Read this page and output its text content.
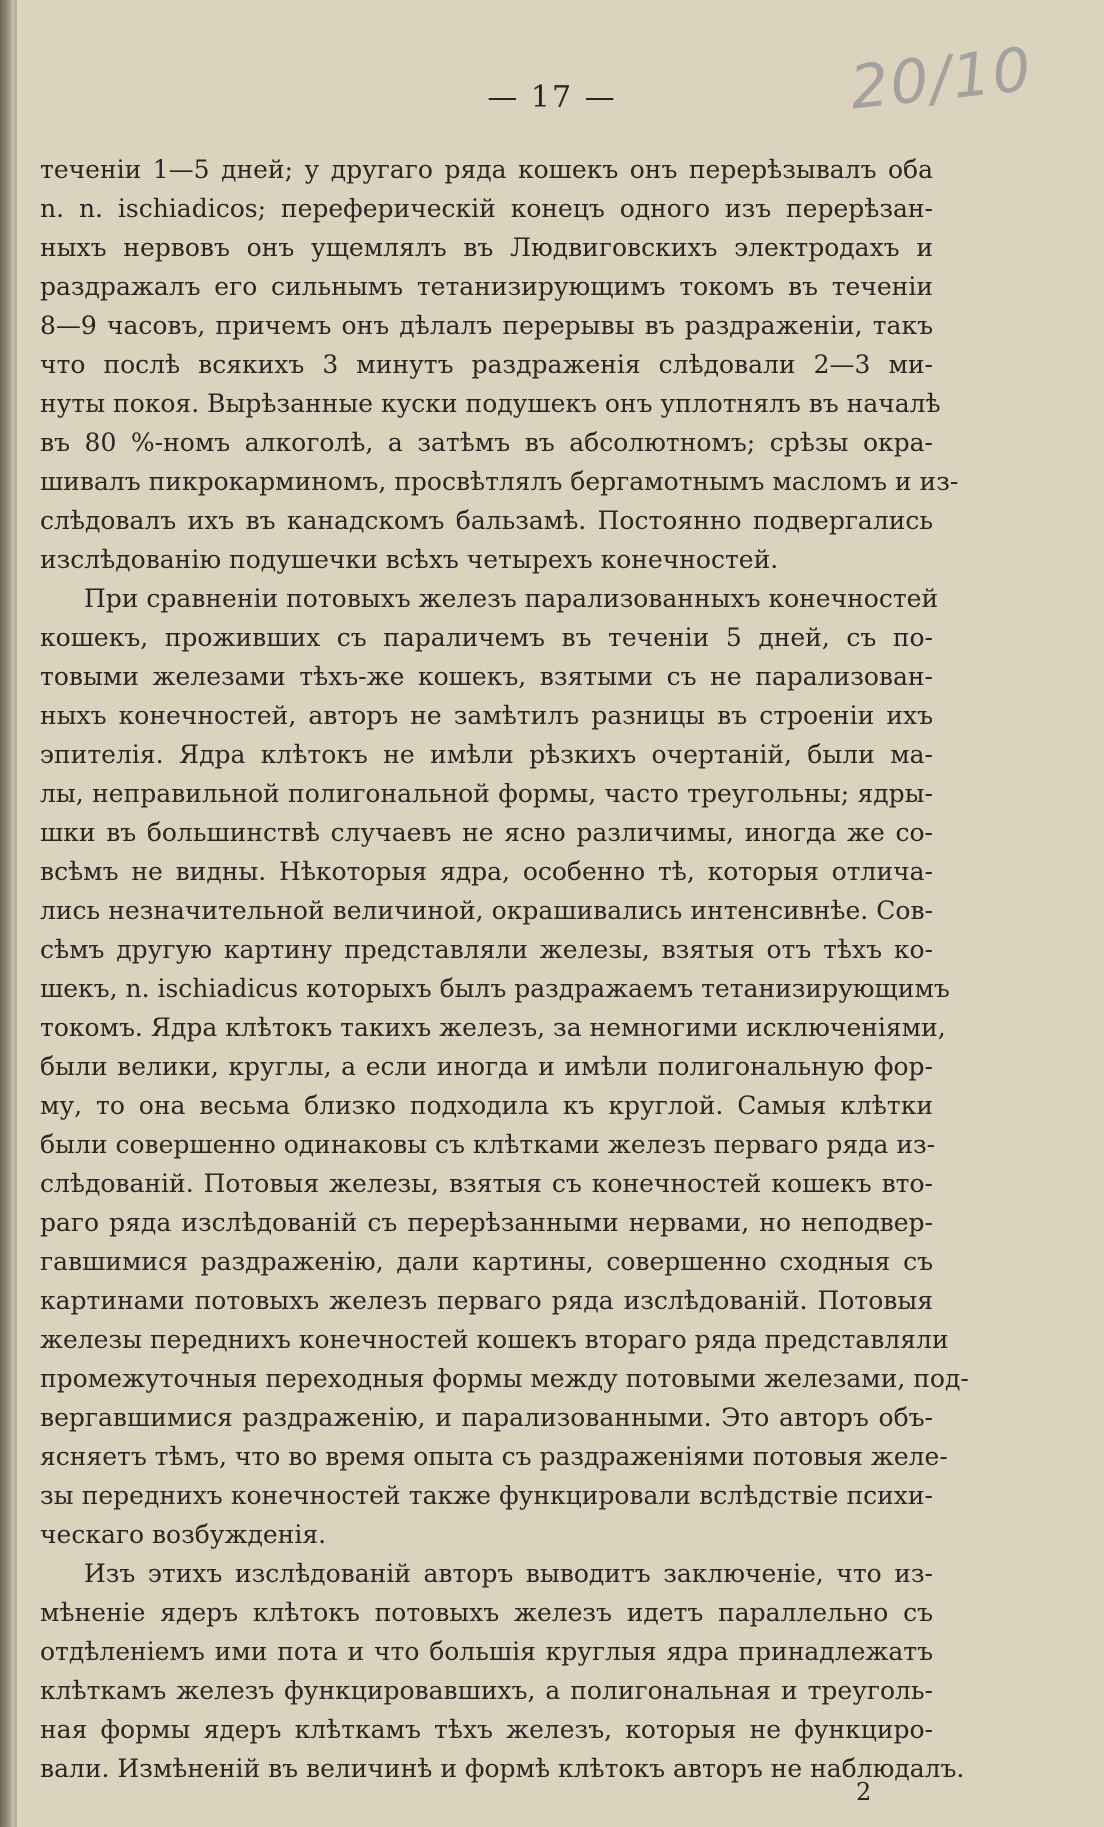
— 17 —	20/10
теченіи 1—5 дней; у другаго ряда кошекъ онъ перерѣзывалъ оба
n. n. ischiadicos; переферическій конецъ одного изъ перерѣзан-
ныхъ нервовъ онъ ущемлялъ въ Людвиговскихъ электродахъ и
раздражалъ его сильнымъ тетанизирующимъ токомъ въ теченіи
8—9 часовъ, причемъ онъ дѣлалъ перерывы въ раздраженіи, такъ
что послѣ всякихъ 3 минутъ раздраженія слѣдовали 2—3 ми-
нуты покоя. Вырѣзанные куски подушекъ онъ уплотнялъ въ началѣ
въ 80 %-номъ алкоголѣ, а затѣмъ въ абсолютномъ; срѣзы окра-
шивалъ пикрокарминомъ, просвѣтлялъ бергамотнымъ масломъ и из-
слѣдовалъ ихъ въ канадскомъ бальзамѣ. Постоянно подвергались
изслѣдованію подушечки всѣхъ четырехъ конечностей.
При сравненіи потовыхъ железъ парализованныхъ конечностей
кошекъ, проживших съ параличемъ въ теченіи 5 дней, съ по-
товыми железами тѣхъ-же кошекъ, взятыми съ не парализован-
ныхъ конечностей, авторъ не замѣтилъ разницы въ строеніи ихъ
эпителія. Ядра клѣтокъ не имѣли рѣзкихъ очертаній, были ма-
лы, неправильной полигональной формы, часто треугольны; ядры-
шки въ большинствѣ случаевъ не ясно различимы, иногда же со-
всѣмъ не видны. Нѣкоторыя ядра, особенно тѣ, которыя отлича-
лись незначительной величиной, окрашивались интенсивнѣе. Сов-
сѣмъ другую картину представляли железы, взятыя отъ тѣхъ ко-
шекъ, n. ischiadicus которыхъ былъ раздражаемъ тетанизирующимъ
токомъ. Ядра клѣтокъ такихъ железъ, за немногими исключеніями,
были велики, круглы, а если иногда и имѣли полигональную фор-
му, то она весьма близко подходила къ круглой. Самыя клѣтки
были совершенно одинаковы съ клѣтками железъ перваго ряда из-
слѣдованій. Потовыя железы, взятыя съ конечностей кошекъ вто-
раго ряда изслѣдованій съ перерѣзанными нервами, но неподвер-
гавшимися раздраженію, дали картины, совершенно сходныя съ
картинами потовыхъ железъ перваго ряда изслѣдованій. Потовыя
железы переднихъ конечностей кошекъ втораго ряда представляли
промежуточныя переходныя формы между потовыми железами, под-
вергавшимися раздраженію, и парализованными. Это авторъ объ-
ясняетъ тѣмъ, что во время опыта съ раздраженіями потовыя желе-
зы переднихъ конечностей также функцировали вслѣдствіе психи-
ческаго возбужденія.
Изъ этихъ изслѣдованій авторъ выводитъ заключеніе, что из-
мѣненіе ядеръ клѣтокъ потовыхъ железъ идетъ параллельно съ
отдѣленіемъ ими пота и что большія круглыя ядра принадлежатъ
клѣткамъ железъ функцировавшихъ, а полигональная и треуголь-
ная формы ядеръ клѣткамъ тѣхъ железъ, которыя не функциро-
вали. Измѣненій въ величинѣ и формѣ клѣтокъ авторъ не наблюдалъ.
2
